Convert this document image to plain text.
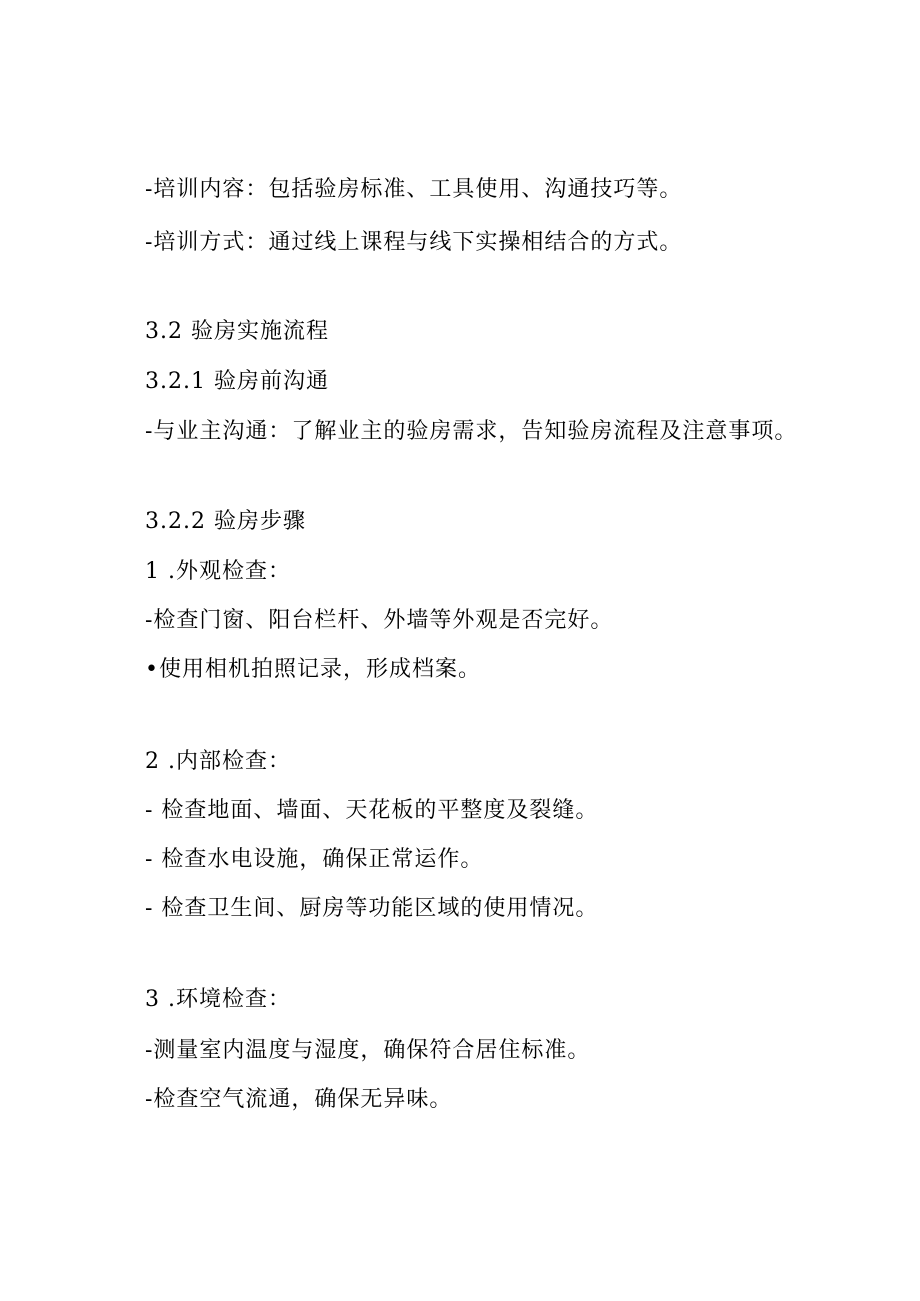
-培训内容：包括验房标准、工具使用、沟通技巧等。
-培训方式：通过线上课程与线下实操相结合的方式。
3.2 验房实施流程
3.2.1 验房前沟通
-与业主沟通：了解业主的验房需求，告知验房流程及注意事项。
3.2.2 验房步骤
1 .外观检查：
-检查门窗、阳台栏杆、外墙等外观是否完好。
•使用相机拍照记录，形成档案。
2 .内部检查：
- 检查地面、墙面、天花板的平整度及裂缝。
- 检查水电设施，确保正常运作。
- 检查卫生间、厨房等功能区域的使用情况。
3 .环境检查：
-测量室内温度与湿度，确保符合居住标准。
-检查空气流通，确保无异味。
